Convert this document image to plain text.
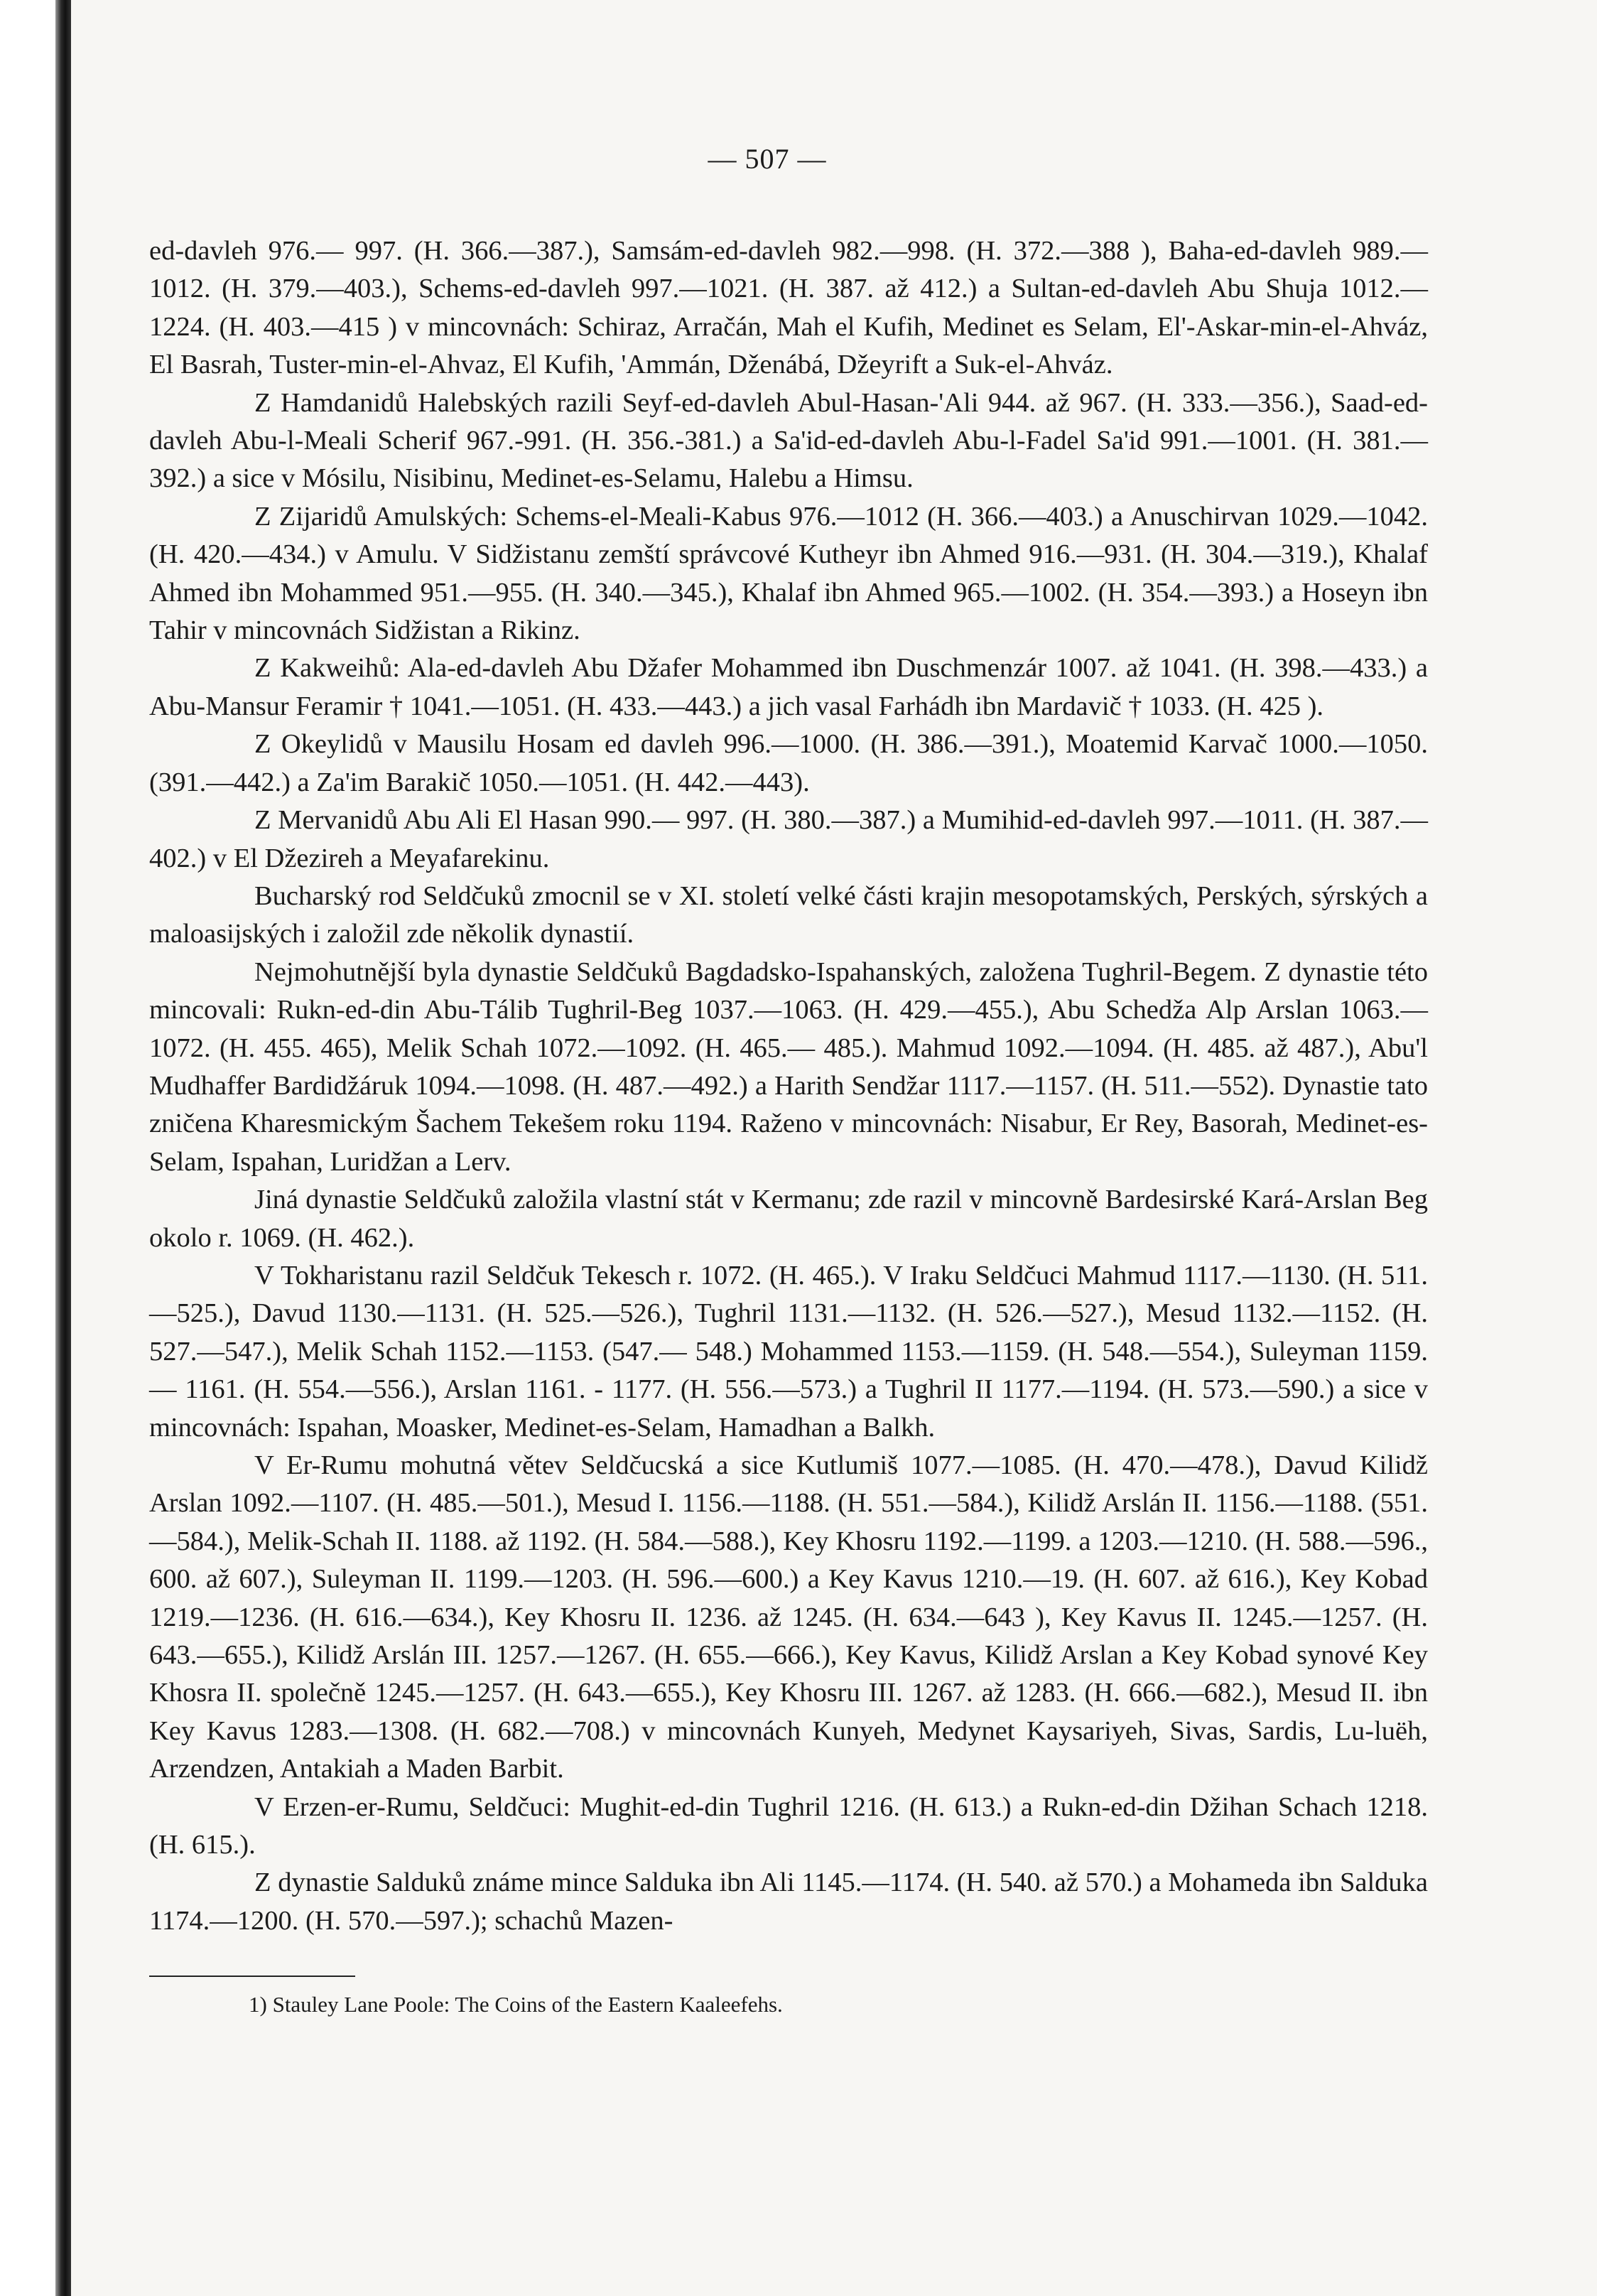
— 507 —

ed-davleh 976.— 997. (H. 366.—387.), Samsám-ed-davleh 982.—998. (H. 372.—388 ), Baha-ed-davleh 989.—1012. (H. 379.—403.), Schems-ed-davleh 997.—1021. (H. 387. až 412.) a Sultan-ed-davleh Abu Shuja 1012.—1224. (H. 403.—415 ) v mincovnách: Schiraz, Arračán, Mah el Kufih, Medinet es Selam, El'-Askar-min-el-Ahváz, El Basrah, Tuster-min-el-Ahvaz, El Kufih, 'Ammán, Dženábá, Džeyrift a Suk-el-Ahváz.

Z Hamdanidů Halebských razili Seyf-ed-davleh Abul-Hasan-'Ali 944. až 967. (H. 333.—356.), Saad-ed-davleh Abu-l-Meali Scherif 967.-991. (H. 356.-381.) a Sa'id-ed-davleh Abu-l-Fadel Sa'id 991.—1001. (H. 381.—392.) a sice v Mósilu, Nisibinu, Medinet-es-Selamu, Halebu a Himsu.

Z Zijaridů Amulských: Schems-el-Meali-Kabus 976.—1012 (H. 366.—403.) a Anuschirvan 1029.—1042. (H. 420.—434.) v Amulu. V Sidžistanu zemští správcové Kutheyr ibn Ahmed 916.—931. (H. 304.—319.), Khalaf Ahmed ibn Mohammed 951.—955. (H. 340.—345.), Khalaf ibn Ahmed 965.—1002. (H. 354.—393.) a Hoseyn ibn Tahir v mincovnách Sidžistan a Rikinz.

Z Kakweihů: Ala-ed-davleh Abu Džafer Mohammed ibn Duschmenzár 1007. až 1041. (H. 398.—433.) a Abu-Mansur Feramir † 1041.—1051. (H. 433.—443.) a jich vasal Farhádh ibn Mardavič † 1033. (H. 425 ).

Z Okeylidů v Mausilu Hosam ed davleh 996.—1000. (H. 386.—391.), Moatemid Karvač 1000.—1050. (391.—442.) a Za'im Barakič 1050.—1051. (H. 442.—443).

Z Mervanidů Abu Ali El Hasan 990.— 997. (H. 380.—387.) a Mumihid-ed-davleh 997.—1011. (H. 387.—402.) v El Džezireh a Meyafarekinu.

Bucharský rod Seldčuků zmocnil se v XI. století velké části krajin mesopotamských, Perských, sýrských a maloasijských i založil zde několik dynastií.

Nejmohutnější byla dynastie Seldčuků Bagdadsko-Ispahanských, založena Tughril-Begem. Z dynastie této mincovali: Rukn-ed-din Abu-Tálib Tughril-Beg 1037.—1063. (H. 429.—455.), Abu Schedža Alp Arslan 1063.—1072. (H. 455. 465), Melik Schah 1072.—1092. (H. 465.— 485.). Mahmud 1092.—1094. (H. 485. až 487.), Abu'l Mudhaffer Bardidžáruk 1094.—1098. (H. 487.—492.) a Harith Sendžar 1117.—1157. (H. 511.—552). Dynastie tato zničena Kharesmickým Šachem Tekešem roku 1194. Raženo v mincovnách: Nisabur, Er Rey, Basorah, Medinet-es-Selam, Ispahan, Luridžan a Lerv.

Jiná dynastie Seldčuků založila vlastní stát v Kermanu; zde razil v mincovně Bardesirské Kará-Arslan Beg okolo r. 1069. (H. 462.).

V Tokharistanu razil Seldčuk Tekesch r. 1072. (H. 465.). V Iraku Seldčuci Mahmud 1117.—1130. (H. 511.—525.), Davud 1130.—1131. (H. 525.—526.), Tughril 1131.—1132. (H. 526.—527.), Mesud 1132.—1152. (H. 527.—547.), Melik Schah 1152.—1153. (547.— 548.) Mohammed 1153.—1159. (H. 548.—554.), Suleyman 1159.— 1161. (H. 554.—556.), Arslan 1161. - 1177. (H. 556.—573.) a Tughril II 1177.—1194. (H. 573.—590.) a sice v mincovnách: Ispahan, Moasker, Medinet-es-Selam, Hamadhan a Balkh.

V Er-Rumu mohutná větev Seldčucská a sice Kutlumiš 1077.—1085. (H. 470.—478.), Davud Kilidž Arslan 1092.—1107. (H. 485.—501.), Mesud I. 1156.—1188. (H. 551.—584.), Kilidž Arslán II. 1156.—1188. (551.—584.), Melik-Schah II. 1188. až 1192. (H. 584.—588.), Key Khosru 1192.—1199. a 1203.—1210. (H. 588.—596., 600. až 607.), Suleyman II. 1199.—1203. (H. 596.—600.) a Key Kavus 1210.—19. (H. 607. až 616.), Key Kobad 1219.—1236. (H. 616.—634.), Key Khosru II. 1236. až 1245. (H. 634.—643 ), Key Kavus II. 1245.—1257. (H. 643.—655.), Kilidž Arslán III. 1257.—1267. (H. 655.—666.), Key Kavus, Kilidž Arslan a Key Kobad synové Key Khosra II. společně 1245.—1257. (H. 643.—655.), Key Khosru III. 1267. až 1283. (H. 666.—682.), Mesud II. ibn Key Kavus 1283.—1308. (H. 682.—708.) v mincovnách Kunyeh, Medynet Kaysariyeh, Sivas, Sardis, Lu-luëh, Arzendzen, Antakiah a Maden Barbit.

V Erzen-er-Rumu, Seldčuci: Mughit-ed-din Tughril 1216. (H. 613.) a Rukn-ed-din Džihan Schach 1218. (H. 615.).

Z dynastie Salduků známe mince Salduka ibn Ali 1145.—1174. (H. 540. až 570.) a Mohameda ibn Salduka 1174.—1200. (H. 570.—597.); schachů Mazen-

1) Stauley Lane Poole: The Coins of the Eastern Kaaleefehs.
